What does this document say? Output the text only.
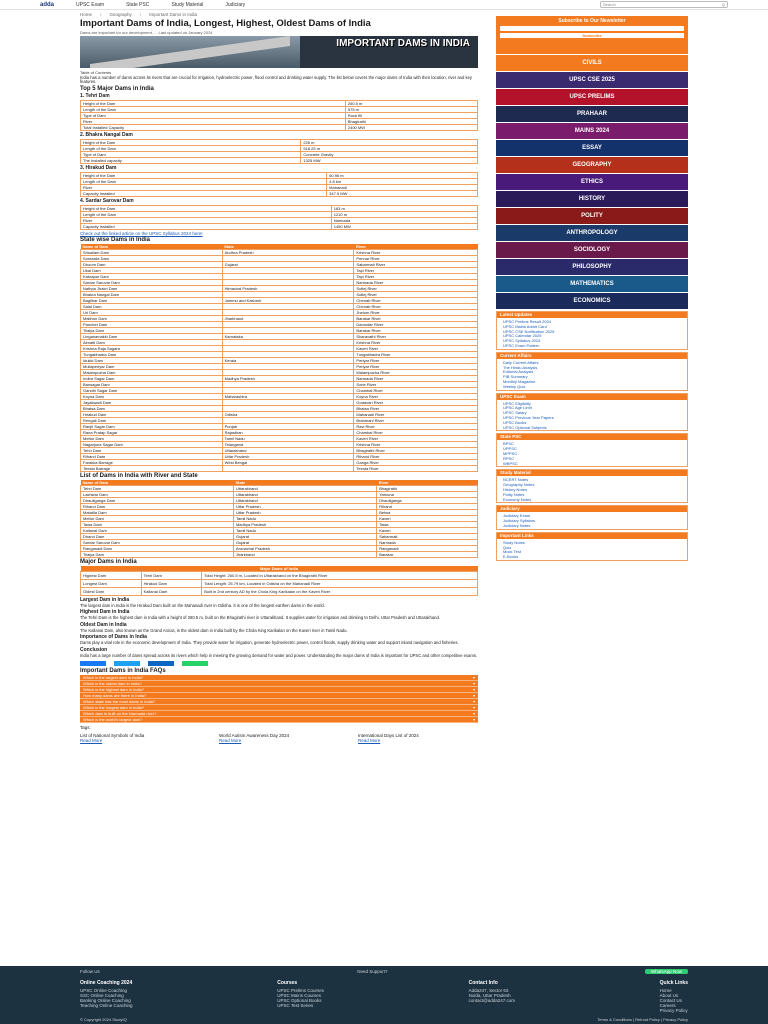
adda	UPSC Exam	State PSC	Study Material	Judiciary	Search	Q
Home › Geography › Important Dams in India
Important Dams of India, Longest, Highest, Oldest Dams of India
Dams are important for our development, ... Last updated on January 2024
IMPORTANT DAMS IN INDIA
Table of Contents

India has a number of dams across its rivers that are crucial for irrigation, hydroelectric power, flood control and drinking water supply. The list below covers the major dams of India with their location, river and key features.

Top 5 Major Dams in India
1. Tehri Dam
Height of the Dam	260.5 m
Length of the Dam	575 m
Type of Dam	Rock fill
River	Bhagirathi
Total Installed Capacity	2400 MW
2. Bhakra Nangal Dam
Height of the Dam	226 m
Length of the Dam	518.25 m
Type of Dam	Concrete Gravity
The Installed capacity	1325 MW
3. Hirakud Dam
Height of the Dam	60.96 m
Length of the Dam	4.8 km
River	Mahanadi
Capacity Installed	347.5 MW
4. Sardar Sarovar Dam
Height of the Dam	163 m
Length of the Dam	1210 m
River	Narmada
Capacity Installed	1450 MW
Check out the linked article on the UPSC Syllabus 2024 here!
State wise Dams in India
Name of Dam	State	River
Srisailam Dam	Andhra Pradesh	Krishna River
Somasila Dam		Pennar River
Dhoom Dam	Gujarat	Sabarmati River
Ukai Dam		Tapi River
Kakrapar Dam		Tapi River
Sardar Sarovar Dam		Narmada River
Nathpa Jhakri Dam	Himachal Pradesh	Sutlej River
Bhakra Nangal Dam		Sutlej River
Baglihar Dam	Jammu and Kashmir	Chenab River
Salal Dam		Chenab River
Uri Dam		Jhelum River
Maithon Dam	Jharkhand	Barakar River
Panchet Dam		Damodar River
Tilaiya Dam		Barakar River
Linganamakki Dam	Karnataka	Sharavathi River
Almatti Dam		Krishna River
Krishna Raja Sagara		Kaveri River
Tungabhadra Dam		Tungabhadra River
Idukki Dam	Kerala	Periyar River
Mullaperiyar Dam		Periyar River
Malampuzha Dam		Malampuzha River
Indira Sagar Dam	Madhya Pradesh	Narmada River
Bansagar Dam		Sone River
Gandhi Sagar Dam		Chambal River
Koyna Dam	Maharashtra	Koyna River
Jayakwadi Dam		Godavari River
Bhatsa Dam		Bhatsa River
Hirakud Dam	Odisha	Mahanadi River
Rengali Dam		Brahmani River
Ranjit Sagar Dam	Punjab	Ravi River
Rana Pratap Sagar	Rajasthan	Chambal River
Mettur Dam	Tamil Nadu	Kaveri River
Nagarjuna Sagar Dam	Telangana	Krishna River
Tehri Dam	Uttarakhand	Bhagirathi River
Rihand Dam	Uttar Pradesh	Rihand River
Farakka Barrage	West Bengal	Ganga River
Teesta Barrage		Teesta River
List of Dams in India with River and State
Name of Dam	State	River
Tehri Dam	Uttarakhand	Bhagirathi
Lakhwar Dam	Uttarakhand	Yamuna
Dhauliganga Dam	Uttarakhand	Dhauliganga
Rihand Dam	Uttar Pradesh	Rihand
Matatila Dam	Uttar Pradesh	Betwa
Mettur Dam	Tamil Nadu	Kaveri
Tawa Dam	Madhya Pradesh	Tawa
Kallanai Dam	Tamil Nadu	Kaveri
Dharoi Dam	Gujarat	Sabarmati
Sardar Sarovar Dam	Gujarat	Narmada
Ranganadi Dam	Arunachal Pradesh	Ranganadi
Tilaiya Dam	Jharkhand	Barakar
Major Dams in India
Major Dams of India		
Highest Dam	Tehri Dam	Total Height: 260.5 m, Located in Uttarakhand on the Bhagirathi River
Longest Dam	Hirakud Dam	Total Length: 25.79 km, Located in Odisha on the Mahanadi River
Oldest Dam	Kallanai Dam	Built in 2nd century AD by the Chola King Karikalan on the Kaveri River
Largest Dam in India

The largest dam in India is the Hirakud Dam built on the Mahanadi river in Odisha. It is one of the longest earthen dams in the world.

Highest Dam in India

The Tehri Dam is the highest dam in India with a height of 260.5 m, built on the Bhagirathi river in Uttarakhand. It supplies water for irrigation and drinking to Delhi, Uttar Pradesh and Uttarakhand.

Oldest Dam in India

The Kallanai Dam, also known as the Grand Anicut, is the oldest dam in India built by the Chola King Karikalan on the Kaveri river in Tamil Nadu.

Importance of Dams in India

Dams play a vital role in the economic development of India. They provide water for irrigation, generate hydroelectric power, control floods, supply drinking water and support inland navigation and fisheries.

Conclusion

India has a large number of dams spread across its rivers which help in meeting the growing demand for water and power. Understanding the major dams of India is important for UPSC and other competitive exams.

Important Dams in India FAQs
Which is the largest dam in India?	▾
Which is the oldest dam in India?	▾
Which is the highest dam in India?	▾
How many dams are there in India?	▾
Which state has the most dams in India?	▾
Which is the longest dam in India?	▾
Which dam is built on the Narmada river?	▾
Which is the world's largest dam?	▾
Tags:
List of National Symbols of India
Read More
World Autism Awareness Day 2024
Read More
International Days List of 2024
Read More
Subscribe to Our Newsletter
Subscribe
CIVILS
UPSC CSE 2025
UPSC PRELIMS
PRAHAAR
MAINS 2024
ESSAY
GEOGRAPHY
ETHICS
HISTORY
POLITY
ANTHROPOLOGY
SOCIOLOGY
PHILOSOPHY
MATHEMATICS
ECONOMICS
Latest Updates
UPSC Prelims Result 2024
UPSC Mains Admit Card
UPSC CSE Notification 2025
UPSC Calendar 2025
UPSC Syllabus 2024
UPSC Exam Pattern
Current Affairs
Daily Current Affairs
The Hindu Analysis
Editorial Analysis
PIB Summary
Monthly Magazine
Weekly Quiz
UPSC Exam
UPSC Eligibility
UPSC Age Limit
UPSC Salary
UPSC Previous Year Papers
UPSC Books
UPSC Optional Subjects
State PSC
BPSC
UPPSC
MPPSC
RPSC
WBPSC
Study Material
NCERT Notes
Geography Notes
History Notes
Polity Notes
Economy Notes
Judiciary
Judiciary Exam
Judiciary Syllabus
Judiciary Notes
Important Links
Study Notes
Quiz
Mock Test
E-Books
Follow Us	Need Support?	WhatsApp Now
Online Coaching 2024
UPSC Online Coaching
SSC Online Coaching
Banking Online Coaching
Teaching Online Coaching
Courses
UPSC Prelims Courses
UPSC Mains Courses
UPSC Optional Books
UPSC Test Series
Contact Info
Adda247, Sector 63
Noida, Uttar Pradesh
contact@adda247.com
Quick Links
Home
About Us
Contact Us
Careers
Privacy Policy
© Copyright 2024 StudyIQ	Terms & Conditions | Refund Policy | Privacy Policy
